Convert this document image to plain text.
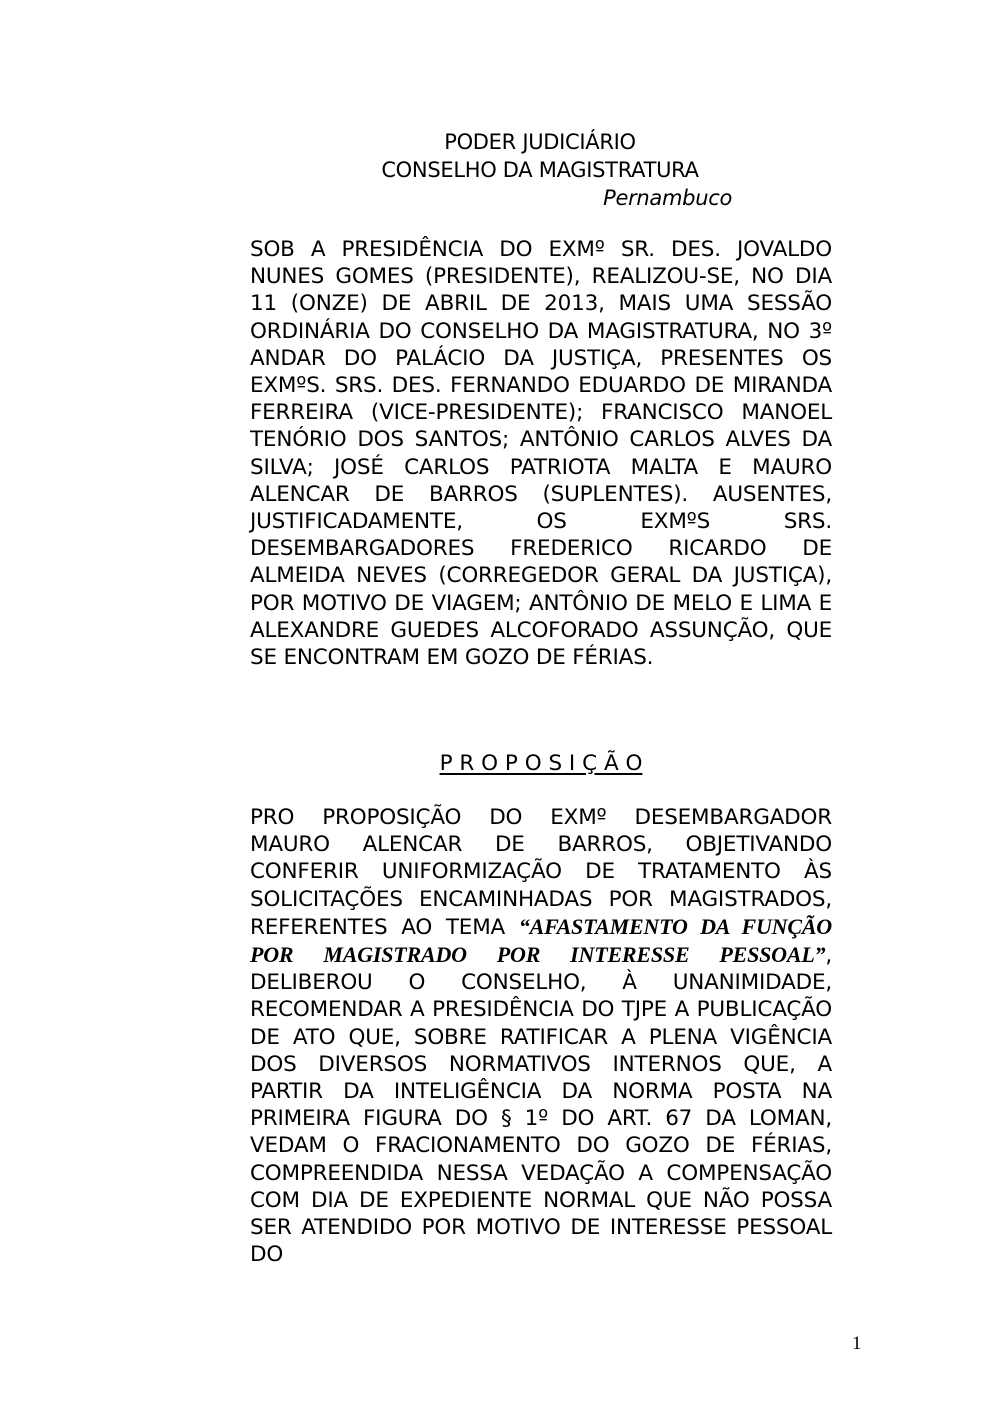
PODER JUDICIÁRIO
CONSELHO DA MAGISTRATURA
Pernambuco
SOB A PRESIDÊNCIA DO EXMº SR. DES. JOVALDO NUNES GOMES (PRESIDENTE), REALIZOU-SE, NO DIA 11 (ONZE) DE ABRIL DE 2013, MAIS UMA SESSÃO ORDINÁRIA DO CONSELHO DA MAGISTRATURA, NO 3º ANDAR DO PALÁCIO DA JUSTIÇA, PRESENTES OS EXMºS. SRS. DES. FERNANDO EDUARDO DE MIRANDA FERREIRA (VICE-PRESIDENTE); FRANCISCO MANOEL TENÓRIO DOS SANTOS; ANTÔNIO CARLOS ALVES DA SILVA; JOSÉ CARLOS PATRIOTA MALTA E MAURO ALENCAR DE BARROS (SUPLENTES). AUSENTES, JUSTIFICADAMENTE, OS EXMºS SRS. DESEMBARGADORES FREDERICO RICARDO DE ALMEIDA NEVES (CORREGEDOR GERAL DA JUSTIÇA), POR MOTIVO DE VIAGEM; ANTÔNIO DE MELO E LIMA E ALEXANDRE GUEDES ALCOFORADO ASSUNÇÃO, QUE SE ENCONTRAM EM GOZO DE FÉRIAS.
P R O P O S I Ç Ã O
PRO PROPOSIÇÃO DO EXMº DESEMBARGADOR MAURO ALENCAR DE BARROS, OBJETIVANDO CONFERIR UNIFORMIZAÇÃO DE TRATAMENTO ÀS SOLICITAÇÕES ENCAMINHADAS POR MAGISTRADOS, REFERENTES AO TEMA “AFASTAMENTO DA FUNÇÃO POR MAGISTRADO POR INTERESSE PESSOAL”, DELIBEROU O CONSELHO, À UNANIMIDADE, RECOMENDAR A PRESIDÊNCIA DO TJPE A PUBLICAÇÃO DE ATO QUE, SOBRE RATIFICAR A PLENA VIGÊNCIA DOS DIVERSOS NORMATIVOS INTERNOS QUE, A PARTIR DA INTELIGÊNCIA DA NORMA POSTA NA PRIMEIRA FIGURA DO § 1º DO ART. 67 DA LOMAN, VEDAM O FRACIONAMENTO DO GOZO DE FÉRIAS, COMPREENDIDA NESSA VEDAÇÃO A COMPENSAÇÃO COM DIA DE EXPEDIENTE NORMAL QUE NÃO POSSA SER ATENDIDO POR MOTIVO DE INTERESSE PESSOAL DO
1
